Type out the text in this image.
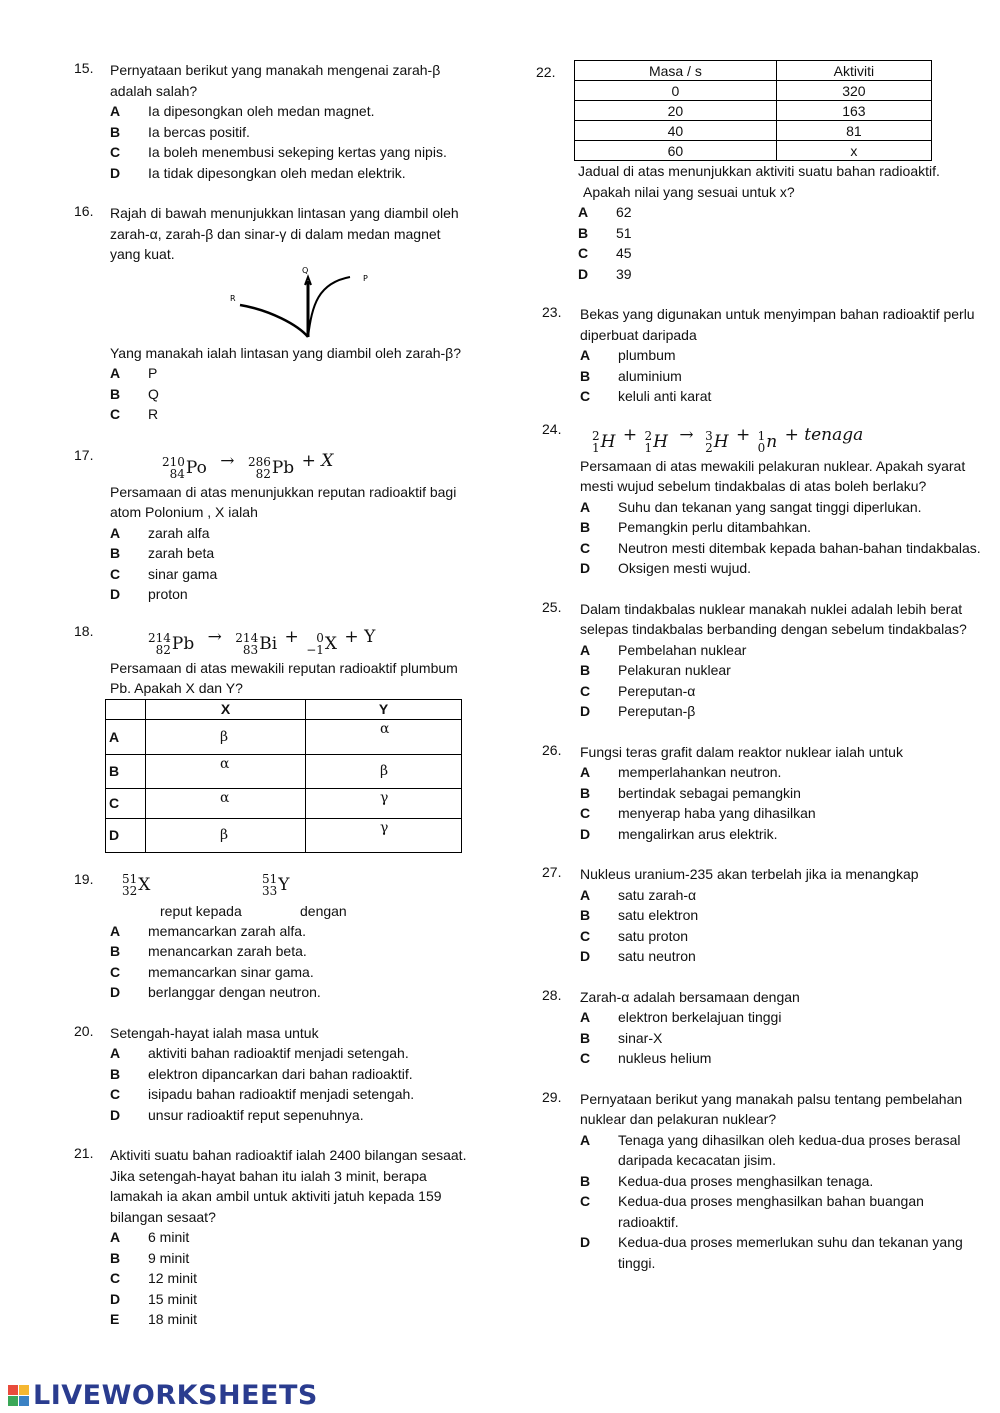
15.	Pernyataan berikut yang manakah mengenai zarah-β adalah salah?
A	Ia dipesongkan oleh medan magnet.
B	Ia bercas positif.
C	Ia boleh menembusi sekeping kertas yang nipis.
D	Ia tidak dipesongkan oleh medan elektrik.
16.	Rajah di bawah menunjukkan lintasan yang diambil oleh zarah-α, zarah-β dan sinar-γ di dalam medan magnet yang kuat.
R
Q
P
Yang manakah ialah lintasan yang diambil oleh zarah-β?
A	P
B	Q
C	R
17.	210
84 Po → 286
82 Pb + X
Persamaan di atas menunjukkan reputan radioaktif bagi atom Polonium , X ialah
A	zarah alfa
B	zarah beta
C	sinar gama
D	proton
18.	214
82 Pb → 214
83 Bi +	0
−1 X + Y
Persamaan di atas mewakili reputan radioaktif plumbum Pb. Apakah X dan Y?
	X	Y
A	β	α
B	α	β
C	α	γ
D	β	γ
19.	51
32 X	51
33 Y
reput kepada	dengan
A	memancarkan zarah alfa.
B	menancarkan zarah beta.
C	memancarkan sinar gama.
D	berlanggar dengan neutron.
20.	Setengah-hayat ialah masa untuk
A	aktiviti bahan radioaktif menjadi setengah.
B	elektron dipancarkan dari bahan radioaktif.
C	isipadu bahan radioaktif menjadi setengah.
D	unsur radioaktif reput sepenuhnya.
21.	Aktiviti suatu bahan radioaktif ialah 2400 bilangan sesaat. Jika setengah-hayat bahan itu ialah 3 minit, berapa lamakah ia akan ambil untuk aktiviti jatuh kepada 159 bilangan sesaat?
A	6 minit
B	9 minit
C	12 minit
D	15 minit
E	18 minit
22.	Masa / s	Aktiviti
0	320
20	163
40	81
60	x
Jadual di atas menunjukkan aktiviti suatu bahan radioaktif.
Apakah nilai yang sesuai untuk x?
A	62
B	51
C	45
D	39
23.	Bekas yang digunakan untuk menyimpan bahan radioaktif perlu diperbuat daripada
A	plumbum
B	aluminium
C	keluli anti karat
24.	2
1 H + 2
1 H → 3
2 H + 1
0 n + tenaga
Persamaan di atas mewakili pelakuran nuklear. Apakah syarat mesti wujud sebelum tindakbalas di atas boleh berlaku?
A	Suhu dan tekanan yang sangat tinggi diperlukan.
B	Pemangkin perlu ditambahkan.
C	Neutron mesti ditembak kepada bahan-bahan tindakbalas.
D	Oksigen mesti wujud.
25.	Dalam tindakbalas nuklear manakah nuklei adalah lebih berat selepas tindakbalas berbanding dengan sebelum tindakbalas?
A	Pembelahan nuklear
B	Pelakuran nuklear
C	Pereputan-α
D	Pereputan-β
26.	Fungsi teras grafit dalam reaktor nuklear ialah untuk
A	memperlahankan neutron.
B	bertindak sebagai pemangkin
C	menyerap haba yang dihasilkan
D	mengalirkan arus elektrik.
27.	Nukleus uranium-235 akan terbelah jika ia menangkap
A	satu zarah-α
B	satu elektron
C	satu proton
D	satu neutron
28.	Zarah-α adalah bersamaan dengan
A	elektron berkelajuan tinggi
B	sinar-X
C	nukleus helium
29.	Pernyataan berikut yang manakah palsu tentang pembelahan nuklear dan pelakuran nuklear?
A	Tenaga yang dihasilkan oleh kedua-dua proses berasal daripada kecacatan jisim.
B	Kedua-dua proses menghasilkan tenaga.
C	Kedua-dua proses menghasilkan bahan buangan radioaktif.
D	Kedua-dua proses memerlukan suhu dan tekanan yang tinggi.
LIVEWORKSHEETS
